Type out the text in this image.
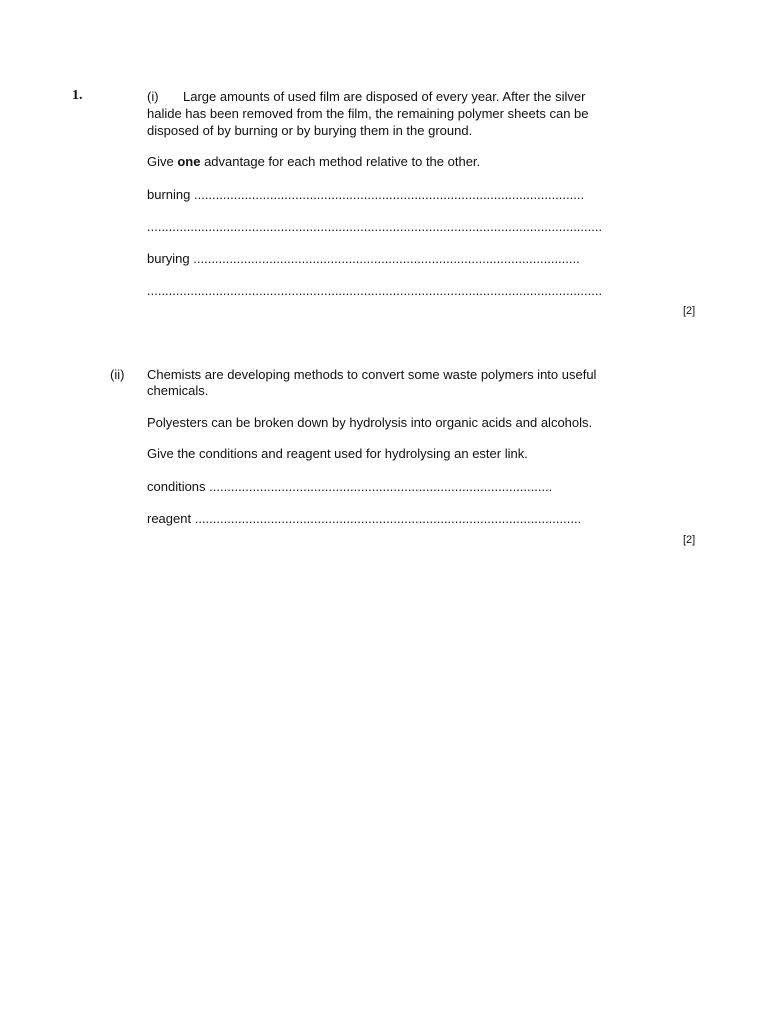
1.	(i) Large amounts of used film are disposed of every year. After the silver
halide has been removed from the film, the remaining polymer sheets can be
disposed of by burning or by burying them in the ground.
Give one advantage for each method relative to the other.
burning ............................................................................................................
..............................................................................................................................
burying ...........................................................................................................
..............................................................................................................................
[2]
(ii) Chemists are developing methods to convert some waste polymers into useful
chemicals.
Polyesters can be broken down by hydrolysis into organic acids and alcohols.
Give the conditions and reagent used for hydrolysing an ester link.
conditions ...............................................................................................
reagent ...........................................................................................................
[2]
